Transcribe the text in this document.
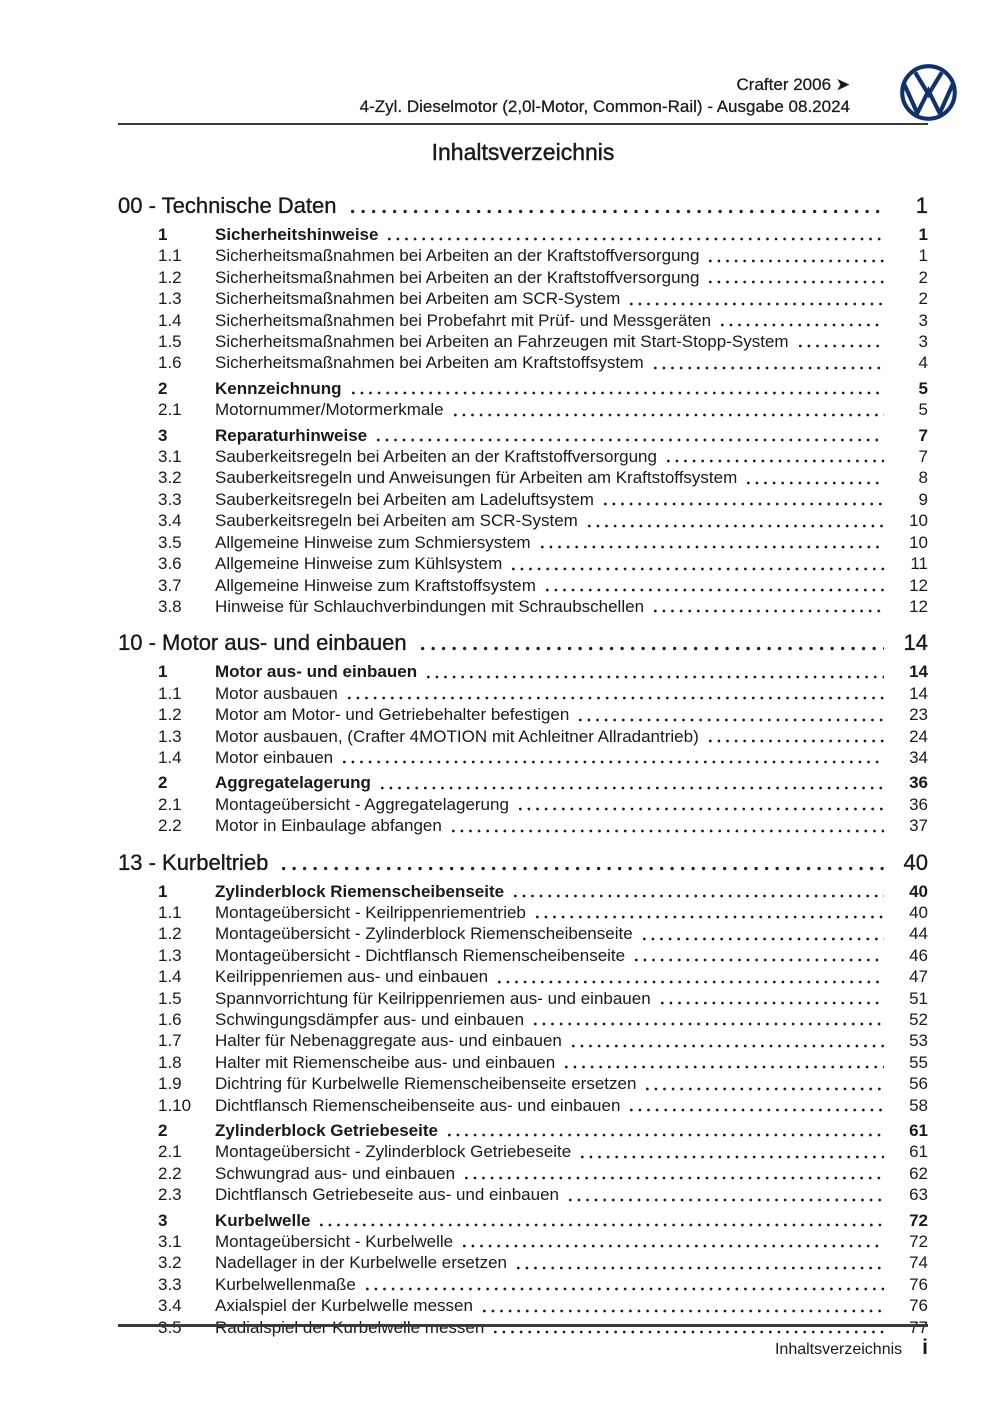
Crafter 2006 ➤
4-Zyl. Dieselmotor (2,0l-Motor, Common-Rail) - Ausgabe 08.2024
Inhaltsverzeichnis
00 - Technische Daten	1
1	Sicherheitshinweise	1
1.1	Sicherheitsmaßnahmen bei Arbeiten an der Kraftstoffversorgung	1
1.2	Sicherheitsmaßnahmen bei Arbeiten an der Kraftstoffversorgung	2
1.3	Sicherheitsmaßnahmen bei Arbeiten am SCR-System	2
1.4	Sicherheitsmaßnahmen bei Probefahrt mit Prüf- und Messgeräten	3
1.5	Sicherheitsmaßnahmen bei Arbeiten an Fahrzeugen mit Start-Stopp-System	3
1.6	Sicherheitsmaßnahmen bei Arbeiten am Kraftstoffsystem	4
2	Kennzeichnung	5
2.1	Motornummer/Motormerkmale	5
3	Reparaturhinweise	7
3.1	Sauberkeitsregeln bei Arbeiten an der Kraftstoffversorgung	7
3.2	Sauberkeitsregeln und Anweisungen für Arbeiten am Kraftstoffsystem	8
3.3	Sauberkeitsregeln bei Arbeiten am Ladeluftsystem	9
3.4	Sauberkeitsregeln bei Arbeiten am SCR-System	10
3.5	Allgemeine Hinweise zum Schmiersystem	10
3.6	Allgemeine Hinweise zum Kühlsystem	11
3.7	Allgemeine Hinweise zum Kraftstoffsystem	12
3.8	Hinweise für Schlauchverbindungen mit Schraubschellen	12
10 - Motor aus- und einbauen	14
1	Motor aus- und einbauen	14
1.1	Motor ausbauen	14
1.2	Motor am Motor- und Getriebehalter befestigen	23
1.3	Motor ausbauen, (Crafter 4MOTION mit Achleitner Allradantrieb)	24
1.4	Motor einbauen	34
2	Aggregatelagerung	36
2.1	Montageübersicht - Aggregatelagerung	36
2.2	Motor in Einbaulage abfangen	37
13 - Kurbeltrieb	40
1	Zylinderblock Riemenscheibenseite	40
1.1	Montageübersicht - Keilrippenriementrieb	40
1.2	Montageübersicht - Zylinderblock Riemenscheibenseite	44
1.3	Montageübersicht - Dichtflansch Riemenscheibenseite	46
1.4	Keilrippenriemen aus- und einbauen	47
1.5	Spannvorrichtung für Keilrippenriemen aus- und einbauen	51
1.6	Schwingungsdämpfer aus- und einbauen	52
1.7	Halter für Nebenaggregate aus- und einbauen	53
1.8	Halter mit Riemenscheibe aus- und einbauen	55
1.9	Dichtring für Kurbelwelle Riemenscheibenseite ersetzen	56
1.10	Dichtflansch Riemenscheibenseite aus- und einbauen	58
2	Zylinderblock Getriebeseite	61
2.1	Montageübersicht - Zylinderblock Getriebeseite	61
2.2	Schwungrad aus- und einbauen	62
2.3	Dichtflansch Getriebeseite aus- und einbauen	63
3	Kurbelwelle	72
3.1	Montageübersicht - Kurbelwelle	72
3.2	Nadellager in der Kurbelwelle ersetzen	74
3.3	Kurbelwellenmaße	76
3.4	Axialspiel der Kurbelwelle messen	76
3.5	Radialspiel der Kurbelwelle messen	77
Inhaltsverzeichnis i
